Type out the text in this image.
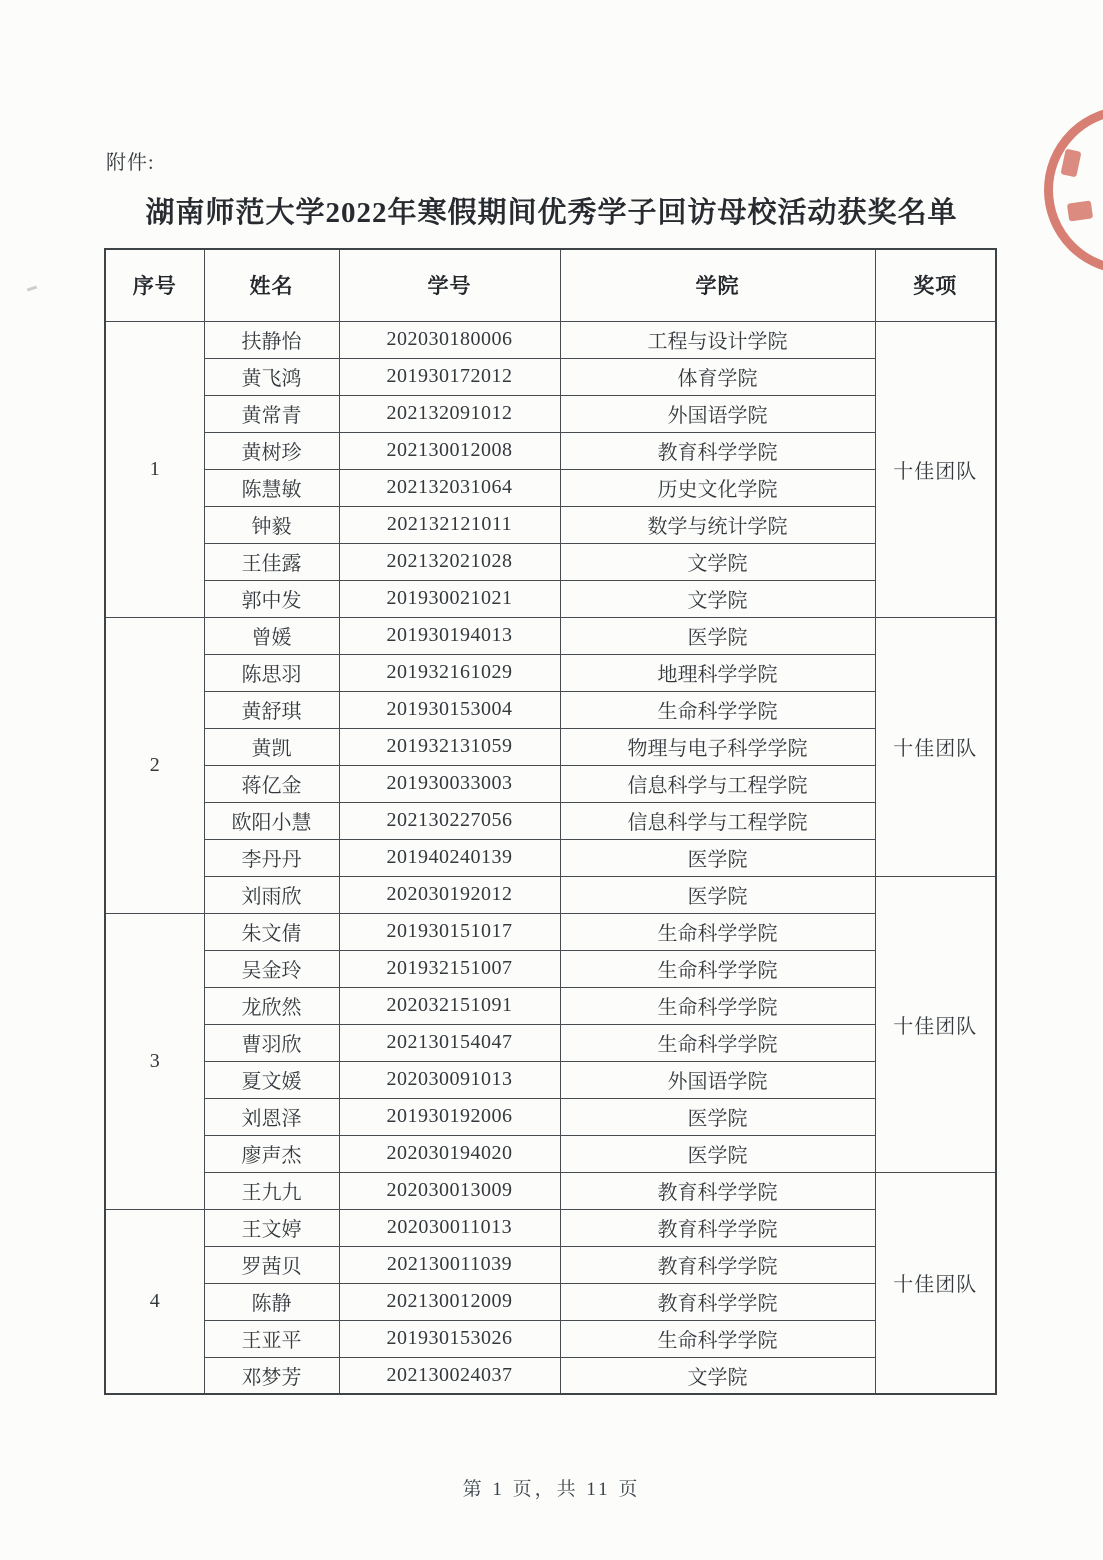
附件:
湖南师范大学2022年寒假期间优秀学子回访母校活动获奖名单
序号	姓名	学号	学院	奖项
1	扶静怡	202030180006	工程与设计学院	十佳团队
	黄飞鸿	201930172012	体育学院	
	黄常青	202132091012	外国语学院	
	黄树珍	202130012008	教育科学学院	
	陈慧敏	202132031064	历史文化学院	
	钟毅	202132121011	数学与统计学院	
	王佳露	202132021028	文学院	
	郭中发	201930021021	文学院	
2	曾媛	201930194013	医学院	十佳团队
	陈思羽	201932161029	地理科学学院	
	黄舒琪	201930153004	生命科学学院	
	黄凯	201932131059	物理与电子科学学院	
	蒋亿金	201930033003	信息科学与工程学院	
	欧阳小慧	202130227056	信息科学与工程学院	
	李丹丹	201940240139	医学院	
	刘雨欣	202030192012	医学院	十佳团队
3	朱文倩	201930151017	生命科学学院	
	吴金玲	201932151007	生命科学学院	
	龙欣然	202032151091	生命科学学院	
	曹羽欣	202130154047	生命科学学院	
	夏文媛	202030091013	外国语学院	
	刘恩泽	201930192006	医学院	
	廖声杰	202030194020	医学院	
	王九九	202030013009	教育科学学院	十佳团队
4	王文婷	202030011013	教育科学学院	
	罗茜贝	202130011039	教育科学学院	
	陈静	202130012009	教育科学学院	
	王亚平	201930153026	生命科学学院	
	邓梦芳	202130024037	文学院	
第 1 页，共 11 页
